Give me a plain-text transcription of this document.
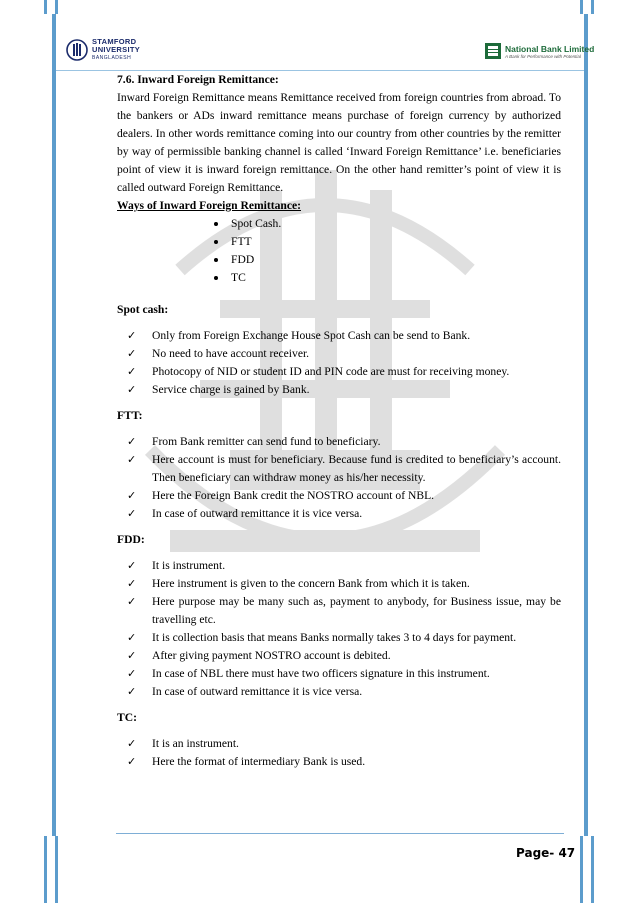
STAMFORD
UNIVERSITY
BANGLADESH
National Bank Limited
A Bank for Performance with Potential

7.6. Inward Foreign Remittance:

Inward Foreign Remittance means Remittance received from foreign countries from abroad. To the bankers or ADs inward remittance means purchase of foreign currency by authorized dealers. In other words remittance coming into our country from other countries by the remitter by way of permissible banking channel is called ‘Inward Foreign Remittance’ i.e. beneficiaries point of view it is inward foreign remittance. On the other hand remitter’s point of view it is called outward Foreign Remittance.

Ways of Inward Foreign Remittance:

Spot Cash.
FTT
FDD
TC

Spot cash:

✓ Only from Foreign Exchange House Spot Cash can be send to Bank.
✓ No need to have account receiver.
✓ Photocopy of NID or student ID and PIN code are must for receiving money.
✓ Service charge is gained by Bank.

FTT:

✓ From Bank remitter can send fund to beneficiary.
✓ Here account is must for beneficiary. Because fund is credited to beneficiary’s account. Then beneficiary can withdraw money as his/her necessity.
✓ Here the Foreign Bank credit the NOSTRO account of NBL.
✓ In case of outward remittance it is vice versa.

FDD:

✓ It is instrument.
✓ Here instrument is given to the concern Bank from which it is taken.
✓ Here purpose may be many such as, payment to anybody, for Business issue, may be travelling etc.
✓ It is collection basis that means Banks normally takes 3 to 4 days for payment.
✓ After giving payment NOSTRO account is debited.
✓ In case of NBL there must have two officers signature in this instrument.
✓ In case of outward remittance it is vice versa.

TC:

✓ It is an instrument.
✓ Here the format of intermediary Bank is used.
Page- 47
